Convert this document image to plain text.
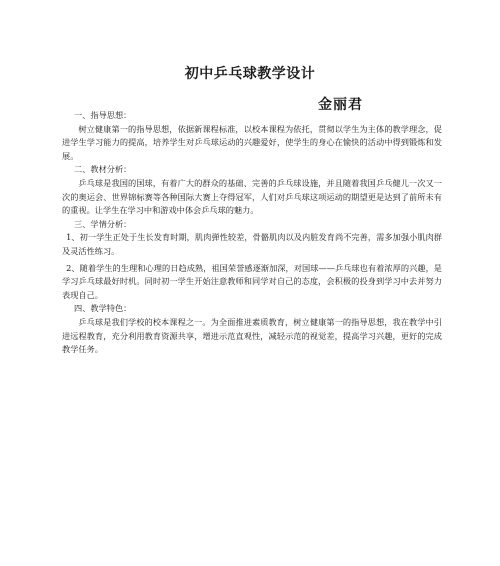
初中乒乓球教学设计
金丽君

一、指导思想：

树立健康第一的指导思想，依据新课程标准，以校本课程为依托，贯彻以学生为主体的教学理念，促进学生学习能力的提高，培养学生对乒乓球运动的兴趣爱好，使学生的身心在愉快的活动中得到锻炼和发展。

二、教材分析：

乒乓球是我国的国球，有着广大的群众的基础、完善的乒乓球设施，并且随着我国乒乓健儿一次又一次的奥运会、世界锦标赛等各种国际大赛上夺得冠军，人们对乒乓球这项运动的期望更是达到了前所未有的重视。让学生在学习中和游戏中体会乒乓球的魅力。

三、学情分析：

1、初一学生正处于生长发育时期，肌肉弹性较差，骨骼肌肉以及内脏发育尚不完善，需多加强小肌肉群及灵活性练习。

2、随着学生的生理和心理的日趋成熟，祖国荣誉感逐渐加深，对国球——乒乓球也有着浓厚的兴趣，是学习乒乓球最好时机。同时初一学生开始注意教师和同学对自己的态度，会积极的投身到学习中去并努力表现自己。

四、教学特色：

乒乓球是我们学校的校本课程之一。为全面推进素质教育，树立健康第一的指导思想，我在教学中引进远程教育，充分利用教育资源共享，增进示范直观性，减轻示范的视觉差，提高学习兴趣，更好的完成教学任务。
